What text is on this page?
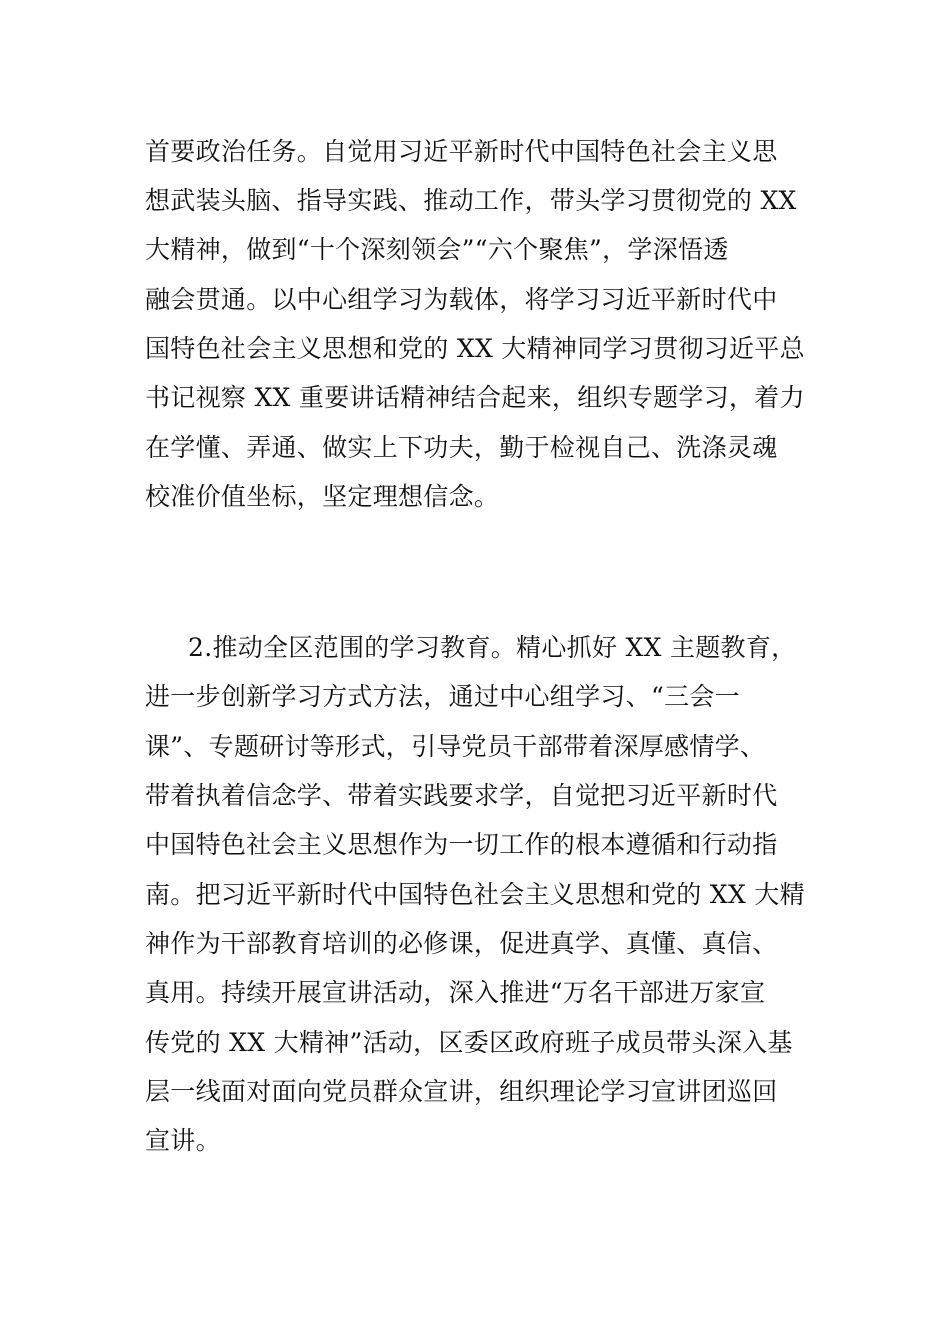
首要政治任务。自觉用习近平新时代中国特色社会主义思
想武装头脑、指导实践、推动工作，带头学习贯彻党的 XX
大精神，做到“十个深刻领会”“六个聚焦”，学深悟透
融会贯通。以中心组学习为载体，将学习习近平新时代中
国特色社会主义思想和党的 XX 大精神同学习贯彻习近平总
书记视察 XX 重要讲话精神结合起来，组织专题学习，着力
在学懂、弄通、做实上下功夫，勤于检视自己、洗涤灵魂
校准价值坐标，坚定理想信念。
2.推动全区范围的学习教育。精心抓好 XX 主题教育，
进一步创新学习方式方法，通过中心组学习、“三会一
课”、专题研讨等形式，引导党员干部带着深厚感情学、
带着执着信念学、带着实践要求学，自觉把习近平新时代
中国特色社会主义思想作为一切工作的根本遵循和行动指
南。把习近平新时代中国特色社会主义思想和党的 XX 大精
神作为干部教育培训的必修课，促进真学、真懂、真信、
真用。持续开展宣讲活动，深入推进“万名干部进万家宣
传党的 XX 大精神”活动，区委区政府班子成员带头深入基
层一线面对面向党员群众宣讲，组织理论学习宣讲团巡回
宣讲。
